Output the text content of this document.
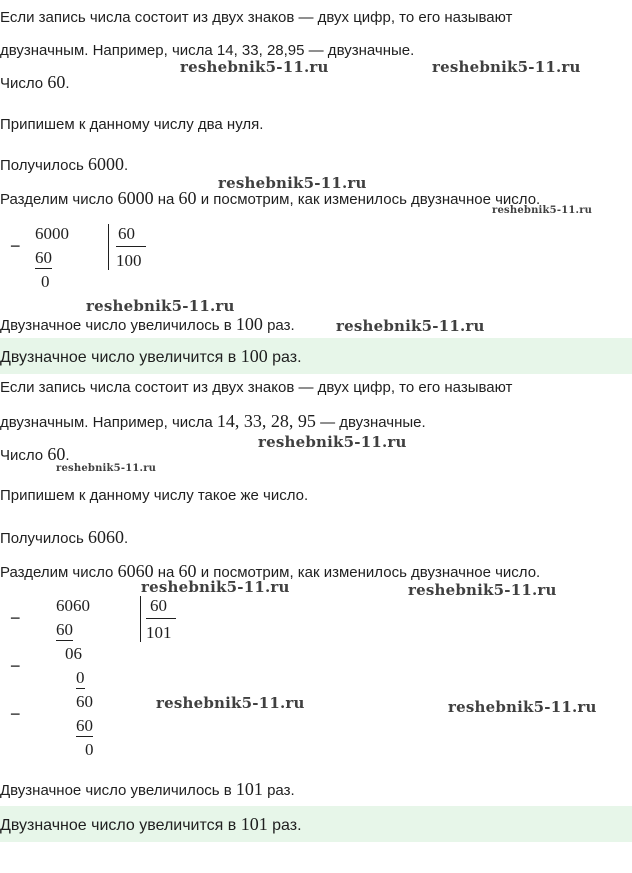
Если запись числа состоит из двух знаков — двух цифр, то его называют
двузначным. Например, числа 14, 33, 28,95 — двузначные.
Число 60.
Припишем к данному числу два нуля.
Получилось 6000.
Разделим число 6000 на 60 и посмотрим, как изменилось двузначное число.
−
6000
60
0
60
100
Двузначное число увеличилось в 100 раз.
Двузначное число увеличится в 100 раз.
Если запись числа состоит из двух знаков — двух цифр, то его называют
двузначным. Например, числа 14, 33, 28, 95 — двузначные.
Число 60.
Припишем к данному числу такое же число.
Получилось 6060.
Разделим число 6060 на 60 и посмотрим, как изменилось двузначное число.
−
6060
60
−
06
0
−
60
60
0
60
101
Двузначное число увеличилось в 101 раз.
Двузначное число увеличится в 101 раз.
reshebnik5-11.ru	reshebnik5-11.ru
reshebnik5-11.ru
reshebnik5-11.ru
reshebnik5-11.ru
reshebnik5-11.ru
reshebnik5-11.ru
reshebnik5-11.ru
reshebnik5-11.ru	reshebnik5-11.ru
reshebnik5-11.ru	reshebnik5-11.ru
